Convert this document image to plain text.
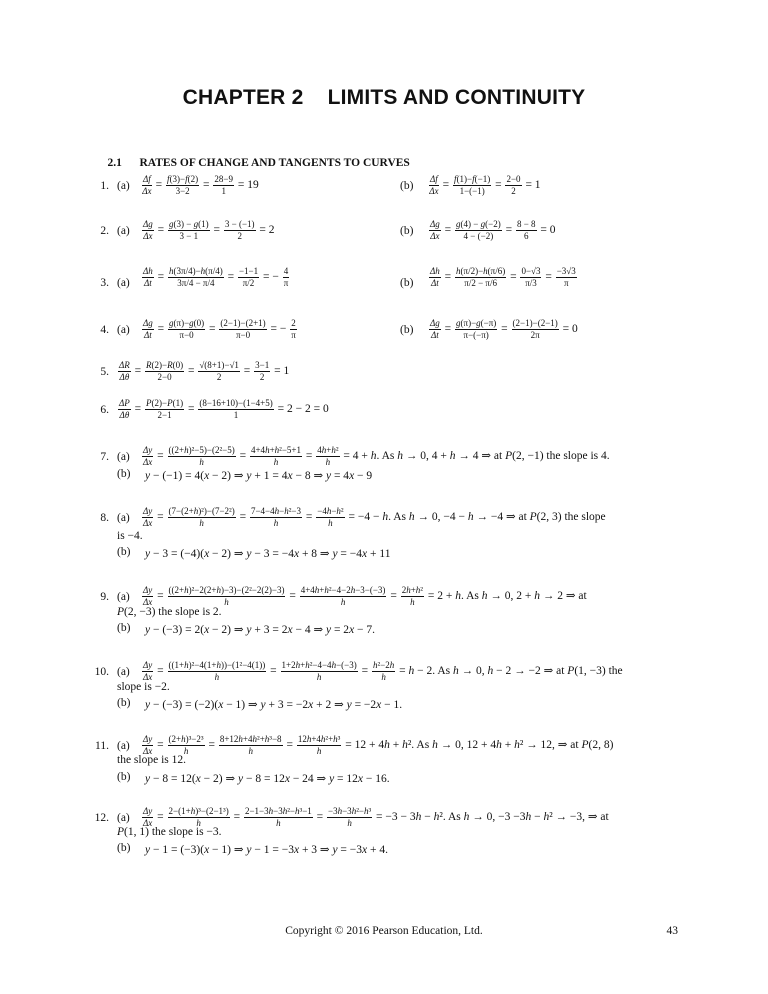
CHAPTER 2    LIMITS AND CONTINUITY

2.1 RATES OF CHANGE AND TANGENTS TO CURVES

1. $(a) \frac{\Delta f}{\Delta x} = \frac{f(3)-f(2)}{3-2} = \frac{28-9}{1} = 19$	$(b) \frac{\Delta f}{\Delta x} = \frac{f(1)-f(-1)}{1-(-1)} = \frac{2-0}{2} = 1$
2. $(a) \frac{\Delta g}{\Delta x} = \frac{g(3) - g(1)}{3 - 1} = \frac{3 - (-1)}{2} = 2$	$(b) \frac{\Delta g}{\Delta x} = \frac{g(4) - g(-2)}{4 - (-2)} = \frac{8 - 8}{6} = 0$
3. $(a) \frac{\Delta h}{\Delta t} = \frac{h(3\pi/4)-h(\pi/4)}{3\pi/4 - \pi/4} = \frac{-1-1}{\pi/2}$ = − $\frac{4}{\pi}$	$(b) \frac{\Delta h}{\Delta t} = \frac{h(\pi/2)-h(\pi/6)}{\pi/2 - \pi/6} = \frac{0-√3}{\pi/3} = \frac{-3√3}{\pi}$
4. $(a) \frac{\Delta g}{\Delta t} = \frac{g(\pi)-g(0)}{\pi-0} = \frac{(2-1)-(2+1)}{\pi-0}$ = − $\frac{2}{\pi}$	$(b) \frac{\Delta g}{\Delta t} = \frac{g(\pi)-g(-\pi)}{\pi-(-\pi)} = \frac{(2-1)-(2-1)}{2\pi} = 0$
5. $\frac{\Delta R}{\Delta\theta} = \frac{R(2)-R(0)}{2-0} = \frac{√(8+1)-√1}{2} = \frac{3-1}{2} = 1$
6. $\frac{\Delta P}{\Delta\theta} = \frac{P(2)-P(1)}{2-1} = \frac{(8-16+10)-(1-4+5)}{1} = 2 - 2 = 0$
7. $(a) \frac{\Delta y}{\Delta x} = \frac{\text{((2+h)²−5)−(2²−5)}}{h} = \frac{\text{4+4h+h²−5+1}}{h} = \frac{\text{4h+h²}}{h} = 4 + h$. As h → 0, 4 + h → 4 ⇒ at P(2, −1) the slope is 4.
(b) y − (−1) = 4(x − 2) ⇒ y + 1 = 4x − 8 ⇒ y = 4x − 9
8. $(a) \frac{\Delta y}{\Delta x} = \frac{\text{(7−(2+h)²)−(7−2²)}}{h} = \frac{\text{7−4−4h−h²−3}}{h} = \frac{\text{−4h−h²}}{h} = -4 - h$. As h → 0, −4 − h → −4 ⇒ at P(2, 3) the slope
is −4.
(b) y − 3 = (−4)(x − 2) ⇒ y − 3 = −4x + 8 ⇒ y = −4x + 11
9. $(a) \frac{\Delta y}{\Delta x} = \frac{\text{((2+h)²−2(2+h)−3)−(2²−2(2)−3)}}{h} = \frac{\text{4+4h+h²−4−2h−3−(−3)}}{h} = \frac{\text{2h+h²}}{h} = 2 + h$. As h → 0, 2 + h → 2 ⇒ at
P(2, −3) the slope is 2.
(b) y − (−3) = 2(x − 2) ⇒ y + 3 = 2x − 4 ⇒ y = 2x − 7.
10. $(a) \frac{\Delta y}{\Delta x} = \frac{\text{((1+h)²−4(1+h))−(1²−4(1))}}{h} = \frac{\text{1+2h+h²−4−4h−(−3)}}{h} = \frac{\text{h²−2h}}{h} = h - 2$. As h → 0, h − 2 → −2 ⇒ at P(1, −3) the
slope is −2.
(b) y − (−3) = (−2)(x − 1) ⇒ y + 3 = −2x + 2 ⇒ y = −2x − 1.
11. $(a) \frac{\Delta y}{\Delta x} = \frac{\text{(2+h)³−2³}}{h} = \frac{\text{8+12h+4h²+h³−8}}{h} = \frac{\text{12h+4h²+h³}}{h} = 12 + 4h + h^2$. As h → 0, 12 + 4h + h² → 12, ⇒ at P(2, 8)
the slope is 12.
(b) y − 8 = 12(x − 2) ⇒ y − 8 = 12x − 24 ⇒ y = 12x − 16.
12. $(a) \frac{\Delta y}{\Delta x} = \frac{\text{2−(1+h)³−(2−1³)}}{h} = \frac{\text{2−1−3h−3h²−h³−1}}{h} = \frac{\text{−3h−3h²−h³}}{h} = -3 - 3h - h^2$. As h → 0, −3 −3h − h² → −3, ⇒ at
P(1, 1) the slope is −3.
(b) y − 1 = (−3)(x − 1) ⇒ y − 1 = −3x + 3 ⇒ y = −3x + 4.
Copyright © 2016 Pearson Education, Ltd.	43
